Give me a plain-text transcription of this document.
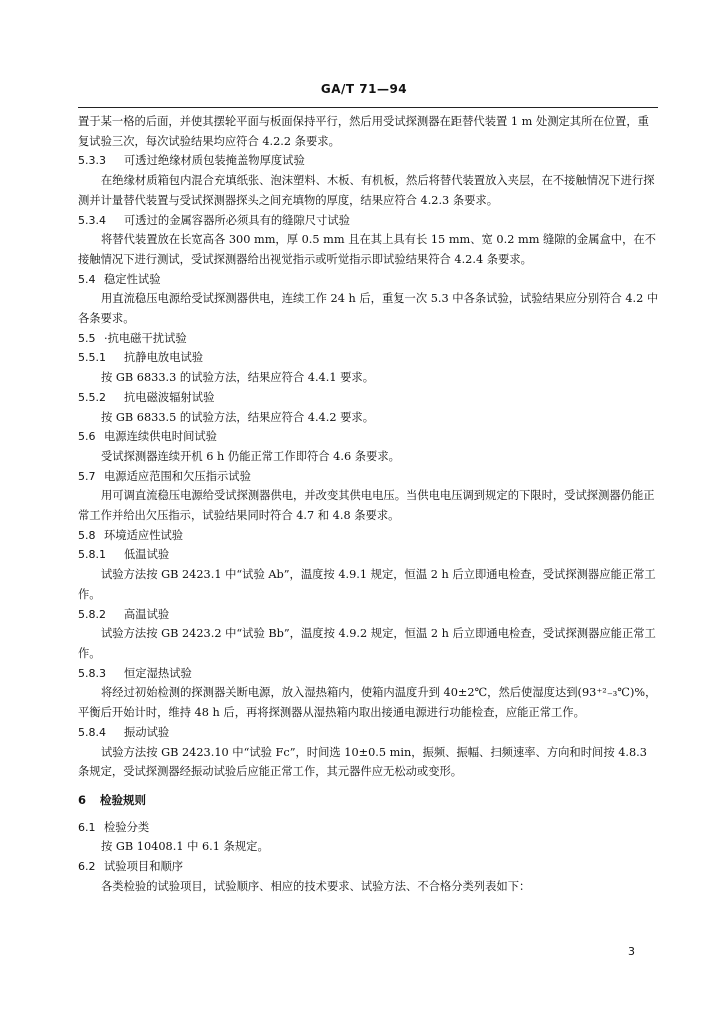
GA/T 71—94
置于某一格的后面，并使其摆轮平面与板面保持平行，然后用受试探测器在距替代装置 1 m 处测定其所在位置，重复试验三次，每次试验结果均应符合 4.2.2 条要求。
5.3.3 可透过绝缘材质包装掩盖物厚度试验
在绝缘材质箱包内混合充填纸张、泡沫塑料、木板、有机板，然后将替代装置放入夹层，在不接触情况下进行探测并计量替代装置与受试探测器探头之间充填物的厚度，结果应符合 4.2.3 条要求。
5.3.4 可透过的金属容器所必须具有的缝隙尺寸试验
将替代装置放在长宽高各 300 mm，厚 0.5 mm 且在其上具有长 15 mm、宽 0.2 mm 缝隙的金属盒中，在不接触情况下进行测试，受试探测器给出视觉指示或听觉指示即试验结果符合 4.2.4 条要求。
5.4 稳定性试验
用直流稳压电源给受试探测器供电，连续工作 24 h 后，重复一次 5.3 中各条试验，试验结果应分别符合 4.2 中各条要求。
5.5 ·抗电磁干扰试验
5.5.1 抗静电放电试验
按 GB 6833.3 的试验方法，结果应符合 4.4.1 要求。
5.5.2 抗电磁波辐射试验
按 GB 6833.5 的试验方法，结果应符合 4.4.2 要求。
5.6 电源连续供电时间试验
受试探测器连续开机 6 h 仍能正常工作即符合 4.6 条要求。
5.7 电源适应范围和欠压指示试验
用可调直流稳压电源给受试探测器供电，并改变其供电电压。当供电电压调到规定的下限时，受试探测器仍能正常工作并给出欠压指示，试验结果同时符合 4.7 和 4.8 条要求。
5.8 环境适应性试验
5.8.1 低温试验
试验方法按 GB 2423.1 中“试验 Ab”，温度按 4.9.1 规定，恒温 2 h 后立即通电检查，受试探测器应能正常工作。
5.8.2 高温试验
试验方法按 GB 2423.2 中“试验 Bb”，温度按 4.9.2 规定，恒温 2 h 后立即通电检查，受试探测器应能正常工作。
5.8.3 恒定湿热试验
将经过初始检测的探测器关断电源，放入湿热箱内，使箱内温度升到 40±2℃，然后使湿度达到(93⁺²₋₃℃)%，平衡后开始计时，维持 48 h 后，再将探测器从湿热箱内取出接通电源进行功能检查，应能正常工作。
5.8.4 振动试验
试验方法按 GB 2423.10 中“试验 Fc”，时间选 10±0.5 min，振频、振幅、扫频速率、方向和时间按 4.8.3 条规定，受试探测器经振动试验后应能正常工作，其元器件应无松动或变形。
6 检验规则
6.1 检验分类
按 GB 10408.1 中 6.1 条规定。
6.2 试验项目和顺序
各类检验的试验项目，试验顺序、相应的技术要求、试验方法、不合格分类列表如下：
3
